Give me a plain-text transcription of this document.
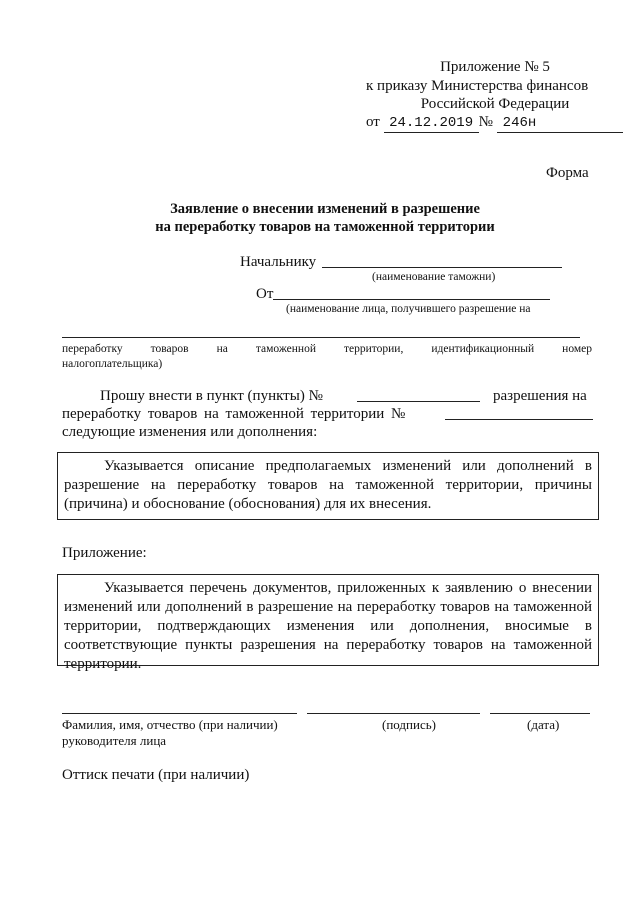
Приложение № 5
к приказу Министерства финансов
Российской Федерации
от 24.12.2019 № 246н
Форма
Заявление о внесении изменений в разрешение
на переработку товаров на таможенной территории
Начальнику
(наименование таможни)
От
(наименование лица, получившего разрешение на
переработку товаров на таможенной территории, идентификационный номер
налогоплательщика)
Прошу внести в пункт (пункты) №	разрешения на
переработку товаров на таможенной территории №
следующие изменения или дополнения:
Указывается описание предполагаемых изменений или дополнений в разрешение на переработку товаров на таможенной территории, причины (причина) и обоснование (обоснования) для их внесения.
Приложение:
Указывается перечень документов, приложенных к заявлению о внесении изменений или дополнений в разрешение на переработку товаров на таможенной территории, подтверждающих изменения или дополнения, вносимые в соответствующие пункты разрешения на переработку товаров на таможенной территории.
Фамилия, имя, отчество (при наличии)
руководителя лица
(подпись)	(дата)
Оттиск печати (при наличии)
